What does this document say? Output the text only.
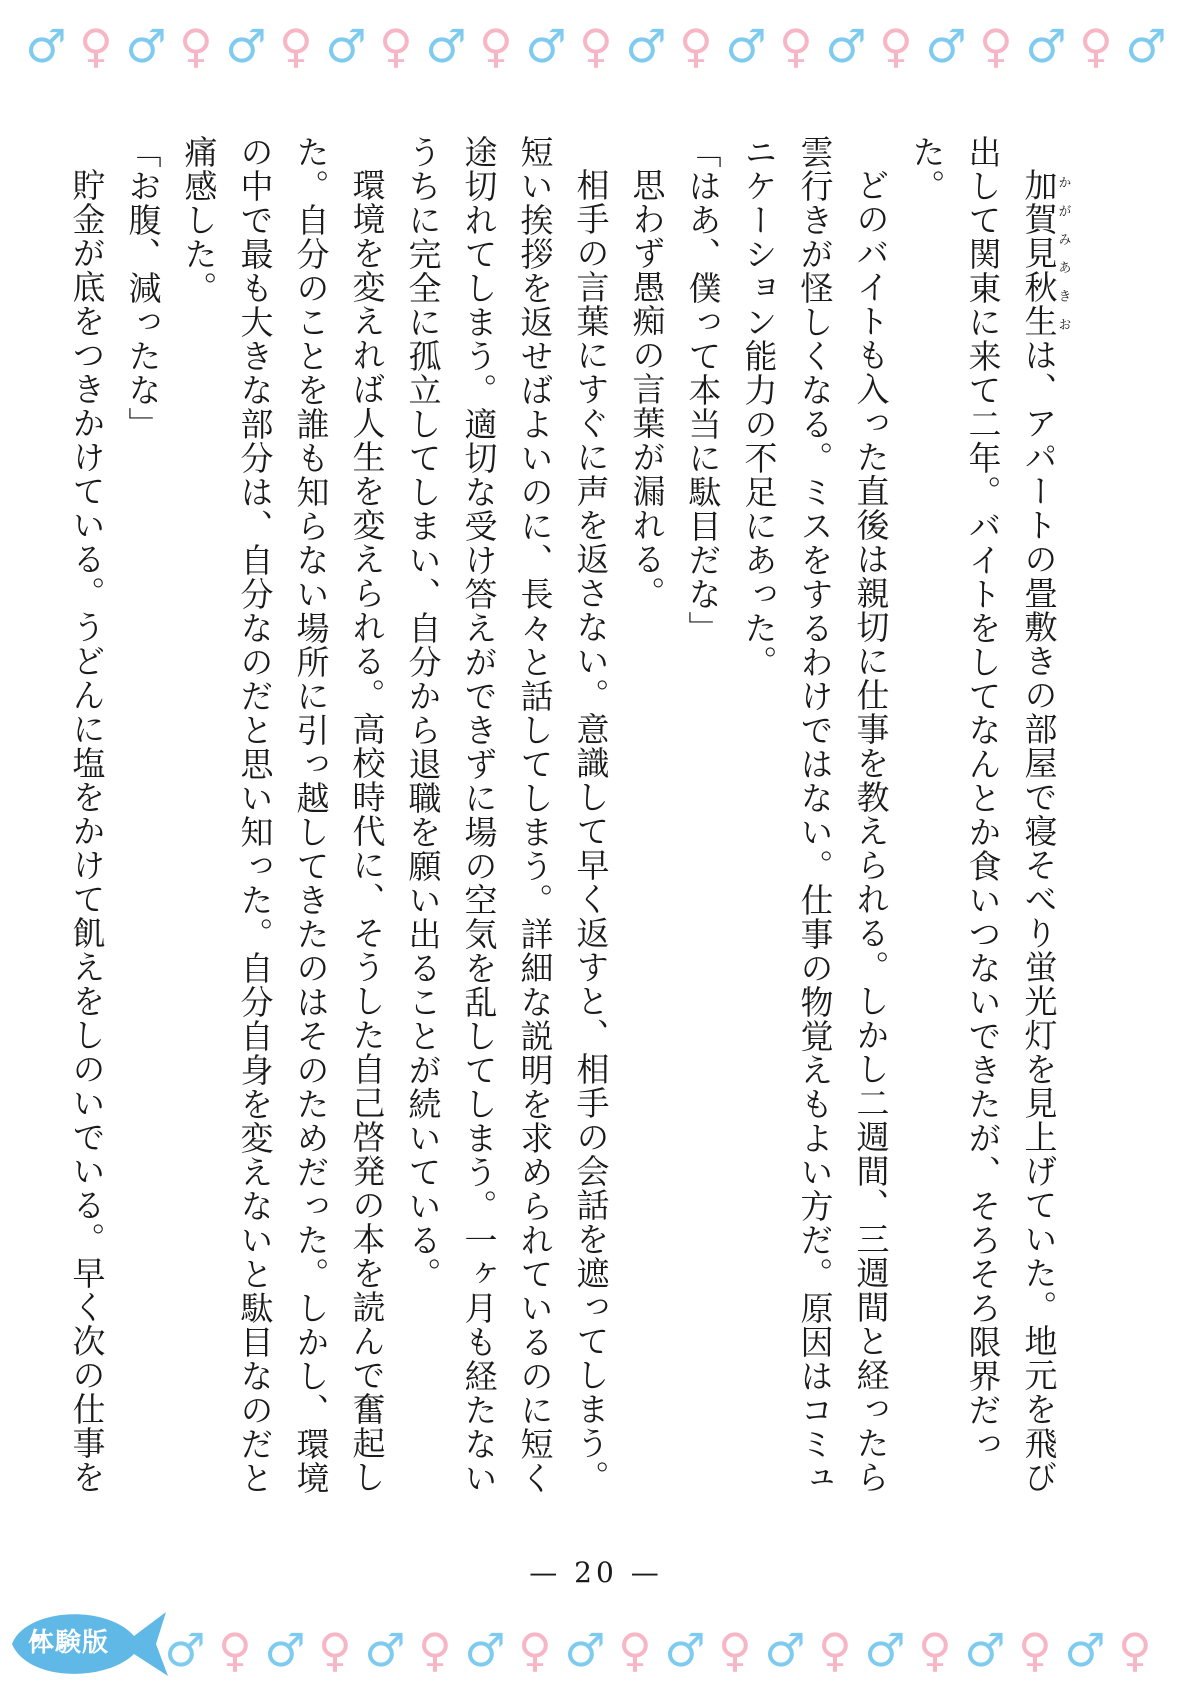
♂ ♀ ♂ ♀ ♂ ♀ ♂ ♀ ♂ ♀ ♂ ♀ ♂ ♀ ♂ ♀ ♂ ♀ ♂ ♀ ♂ ♀ ♂

加賀見秋生かがみあきおは、アパートの畳敷きの部屋で寝そべり蛍光灯を見上げていた。地元を飛び出して関東に来て二年。バイトをしてなんとか食いつないできたが、そろそろ限界だった。

どのバイトも入った直後は親切に仕事を教えられる。しかし二週間、三週間と経ったら雲行きが怪しくなる。ミスをするわけではない。仕事の物覚えもよい方だ。原因はコミュニケーション能力の不足にあった。

「はあ、僕って本当に駄目だな」

思わず愚痴の言葉が漏れる。

相手の言葉にすぐに声を返さない。意識して早く返すと、相手の会話を遮ってしまう。短い挨拶を返せばよいのに、長々と話してしまう。詳細な説明を求められているのに短く途切れてしまう。適切な受け答えができずに場の空気を乱してしまう。一ヶ月も経たないうちに完全に孤立してしまい、自分から退職を願い出ることが続いている。

環境を変えれば人生を変えられる。高校時代に、そうした自己啓発の本を読んで奮起した。自分のことを誰も知らない場所に引っ越してきたのはそのためだった。しかし、環境の中で最も大きな部分は、自分なのだと思い知った。自分自身を変えないと駄目なのだと痛感した。

「お腹、減ったな」

貯金が底をつきかけている。うどんに塩をかけて飢えをしのいでいる。早く次の仕事を

— 20 —
体験版 ♂ ♀ ♂ ♀ ♂ ♀ ♂ ♀ ♂ ♀ ♂ ♀ ♂ ♀ ♂ ♀ ♂ ♀ ♂ ♀
